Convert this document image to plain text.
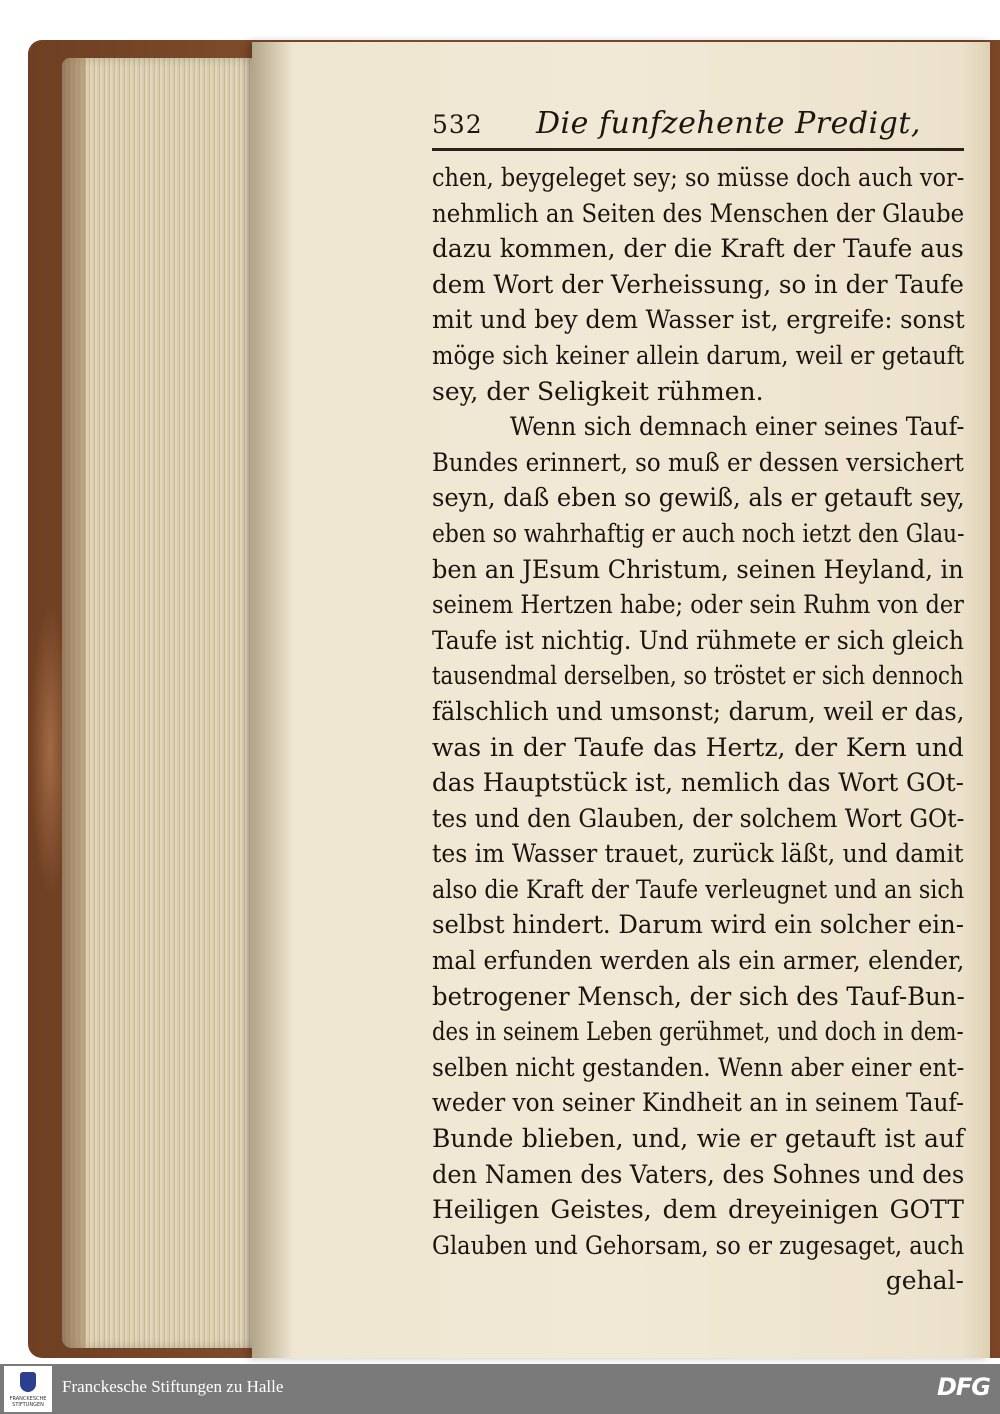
532 Die funfzehente Predigt,
chen, beygeleget sey; so müsse doch auch vor-
nehmlich an Seiten des Menschen der Glaube
dazu kommen, der die Kraft der Taufe aus
dem Wort der Verheissung, so in der Taufe
mit und bey dem Wasser ist, ergreife: sonst
möge sich keiner allein darum, weil er getauft
sey, der Seligkeit rühmen.
Wenn sich demnach einer seines Tauf-
Bundes erinnert, so muß er dessen versichert
seyn, daß eben so gewiß, als er getauft sey,
eben so wahrhaftig er auch noch ietzt den Glau-
ben an JEsum Christum, seinen Heyland, in
seinem Hertzen habe; oder sein Ruhm von der
Taufe ist nichtig. Und rühmete er sich gleich
tausendmal derselben, so tröstet er sich dennoch
fälschlich und umsonst; darum, weil er das,
was in der Taufe das Hertz, der Kern und
das Hauptstück ist, nemlich das Wort GOt-
tes und den Glauben, der solchem Wort GOt-
tes im Wasser trauet, zurück läßt, und damit
also die Kraft der Taufe verleugnet und an sich
selbst hindert. Darum wird ein solcher ein-
mal erfunden werden als ein armer, elender,
betrogener Mensch, der sich des Tauf-Bun-
des in seinem Leben gerühmet, und doch in dem-
selben nicht gestanden. Wenn aber einer ent-
weder von seiner Kindheit an in seinem Tauf-
Bunde blieben, und, wie er getauft ist auf
den Namen des Vaters, des Sohnes und des
Heiligen Geistes, dem dreyeinigen GOTT
Glauben und Gehorsam, so er zugesaget, auch
gehal-
FRANCKESCHE STIFTUNGEN
Franckesche Stiftungen zu Halle	DFG
